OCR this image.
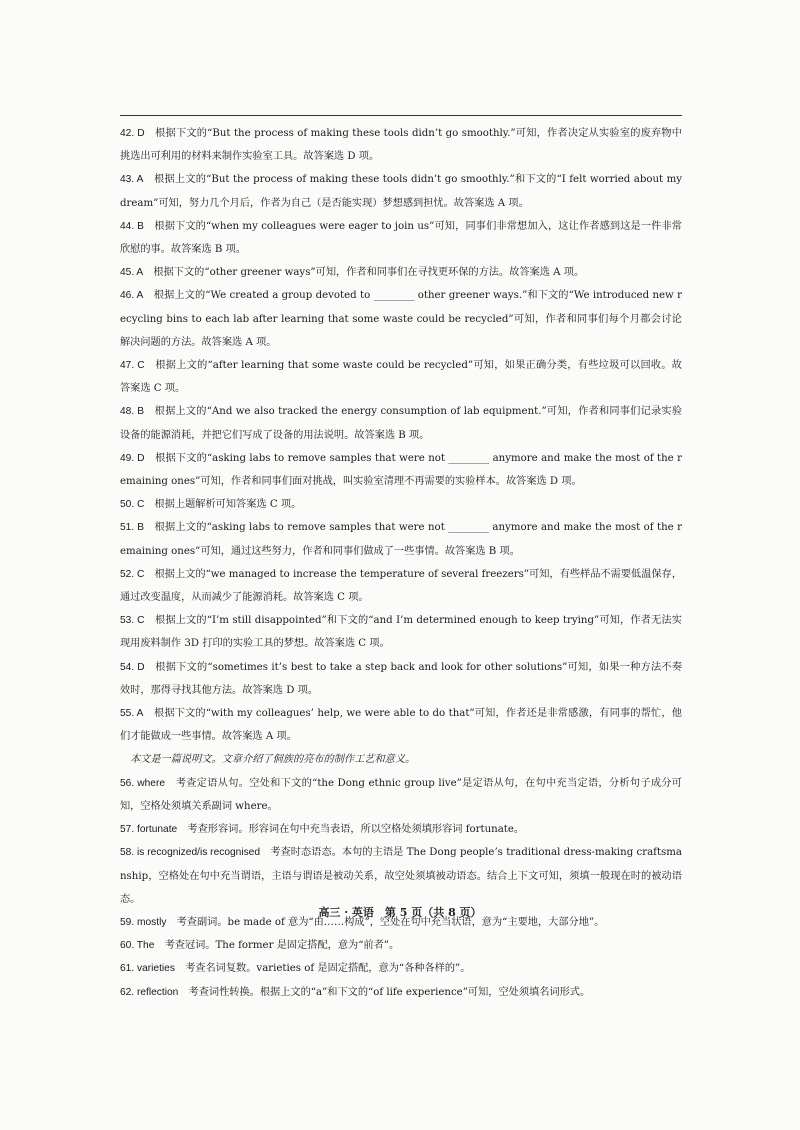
42. D　 根据下文的“But the process of making these tools didn’t go smoothly.”可知，作者决定从实验室的废弃物中挑选出可利用的材料来制作实验室工具。故答案选 D 项。

43. A　 根据上文的“But the process of making these tools didn’t go smoothly.”和下文的“I felt worried about my dream”可知，努力几个月后，作者为自己（是否能实现）梦想感到担忧。故答案选 A 项。

44. B　 根据下文的“when my colleagues were eager to join us”可知，同事们非常想加入，这让作者感到这是一件非常欣慰的事。故答案选 B 项。

45. A　 根据下文的“other greener ways”可知，作者和同事们在寻找更环保的方法。故答案选 A 项。

46. A　 根据上文的“We created a group devoted to ________ other greener ways.”和下文的“We introduced new recycling bins to each lab after learning that some waste could be recycled”可知，作者和同事们每个月都会讨论解决问题的方法。故答案选 A 项。

47. C　 根据上文的“after learning that some waste could be recycled”可知，如果正确分类，有些垃圾可以回收。故答案选 C 项。

48. B　 根据上文的“And we also tracked the energy consumption of lab equipment.”可知，作者和同事们记录实验设备的能源消耗，并把它们写成了设备的用法说明。故答案选 B 项。

49. D　 根据下文的“asking labs to remove samples that were not ________ anymore and make the most of the remaining ones”可知，作者和同事们面对挑战，叫实验室清理不再需要的实验样本。故答案选 D 项。

50. C　 根据上题解析可知答案选 C 项。

51. B　 根据上文的“asking labs to remove samples that were not ________ anymore and make the most of the remaining ones”可知，通过这些努力，作者和同事们做成了一些事情。故答案选 B 项。

52. C　 根据上文的“we managed to increase the temperature of several freezers”可知，有些样品不需要低温保存，通过改变温度，从而减少了能源消耗。故答案选 C 项。

53. C　 根据上文的“I’m still disappointed”和下文的“and I’m determined enough to keep trying”可知，作者无法实现用废料制作 3D 打印的实验工具的梦想。故答案选 C 项。

54. D　 根据下文的“sometimes it’s best to take a step back and look for other solutions”可知，如果一种方法不奏效时，那得寻找其他方法。故答案选 D 项。

55. A　 根据下文的“with my colleagues’ help, we were able to do that”可知，作者还是非常感激，有同事的帮忙，他们才能做成一些事情。故答案选 A 项。

本文是一篇说明文。文章介绍了侗族的亮布的制作工艺和意义。

56. where　 考查定语从句。空处和下文的“the Dong ethnic group live”是定语从句，在句中充当定语，分析句子成分可知，空格处须填关系副词 where。

57. fortunate　 考查形容词。形容词在句中充当表语，所以空格处须填形容词 fortunate。

58. is recognized/is recognised　 考查时态语态。本句的主语是 The Dong people’s traditional dress-making craftsmanship，空格处在句中充当谓语，主语与谓语是被动关系，故空处须填被动语态。结合上下文可知，须填一般现在时的被动语态。

59. mostly　 考查副词。be made of 意为“由……构成”，空处在句中充当状语，意为“主要地，大部分地”。

60. The　 考查冠词。The former 是固定搭配，意为“前者”。

61. varieties　 考查名词复数。varieties of 是固定搭配，意为“各种各样的”。

62. reflection　 考查词性转换。根据上文的“a”和下文的“of life experience”可知，空处须填名词形式。

高三 · 英语　第 5 页（共 8 页）
